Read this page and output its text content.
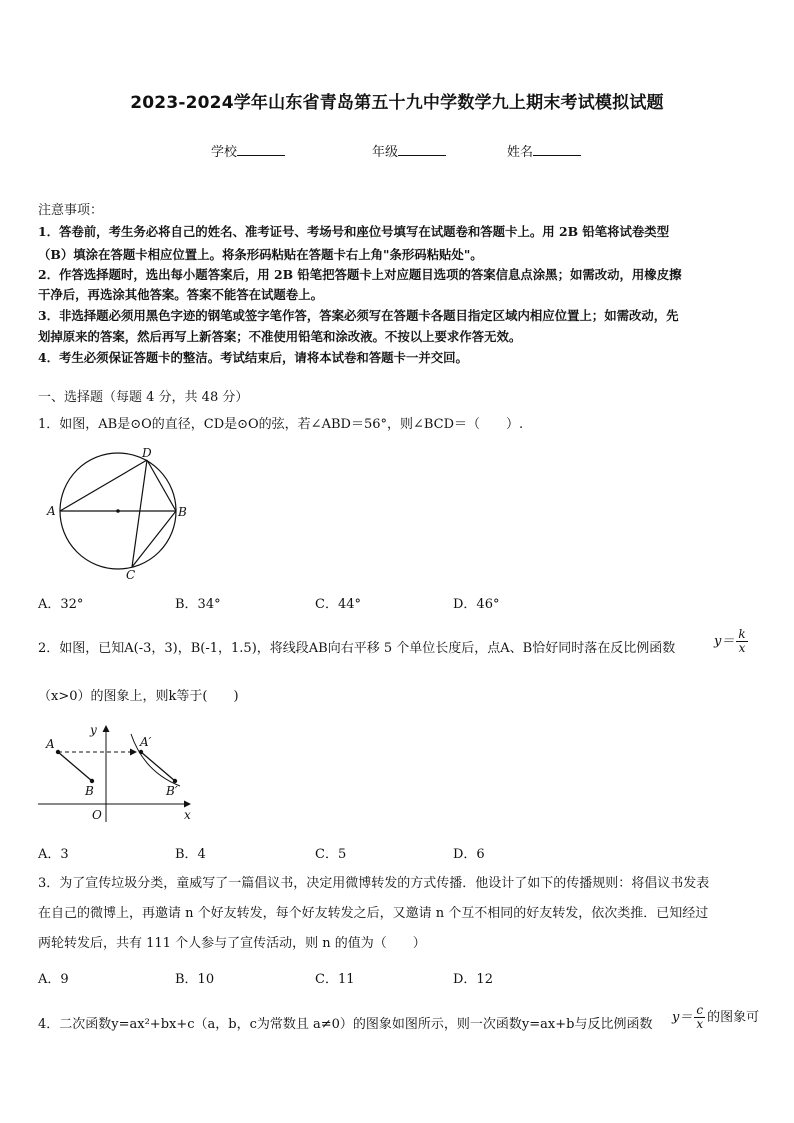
2023-2024学年山东省青岛第五十九中学数学九上期末考试模拟试题
学校	年级	姓名
注意事项：
1．答卷前，考生务必将自己的姓名、准考证号、考场号和座位号填写在试题卷和答题卡上。用 2B 铅笔将试卷类型
（B）填涂在答题卡相应位置上。将条形码粘贴在答题卡右上角"条形码粘贴处"。
2．作答选择题时，选出每小题答案后，用 2B 铅笔把答题卡上对应题目选项的答案信息点涂黑；如需改动，用橡皮擦
干净后，再选涂其他答案。答案不能答在试题卷上。
3．非选择题必须用黑色字迹的钢笔或签字笔作答，答案必须写在答题卡各题目指定区域内相应位置上；如需改动，先
划掉原来的答案，然后再写上新答案；不准使用铅笔和涂改液。不按以上要求作答无效。
4．考生必须保证答题卡的整洁。考试结束后，请将本试卷和答题卡一并交回。
一、选择题（每题 4 分，共 48 分）
1．如图，AB是⊙O的直径，CD是⊙O的弦，若∠ABD＝56°，则∠BCD＝（　　）.
A	B
C
D
A．32°	B．34°	C．44°	D．46°
2．如图，已知A(-3，3)，B(-1，1.5)，将线段AB向右平移 5 个单位长度后，点A、B恰好同时落在反比例函数	$y= \frac{k}{x}$
（x>0）的图象上，则k等于(　　)
A
B
A′
B′
O	x
y
A．3	B．4	C．5	D．6
3．为了宣传垃圾分类，童威写了一篇倡议书，决定用微博转发的方式传播．他设计了如下的传播规则：将倡议书发表
在自己的微博上，再邀请 n 个好友转发，每个好友转发之后，又邀请 n 个互不相同的好友转发，依次类推．已知经过
两轮转发后，共有 111 个人参与了宣传活动，则 n 的值为（　　）
A．9	B．10	C．11	D．12
4．二次函数y=ax²+bx+c（a，b，c为常数且 a≠0）的图象如图所示，则一次函数y=ax+b与反比例函数 $y= \frac{c}{x}$ 的图象可
